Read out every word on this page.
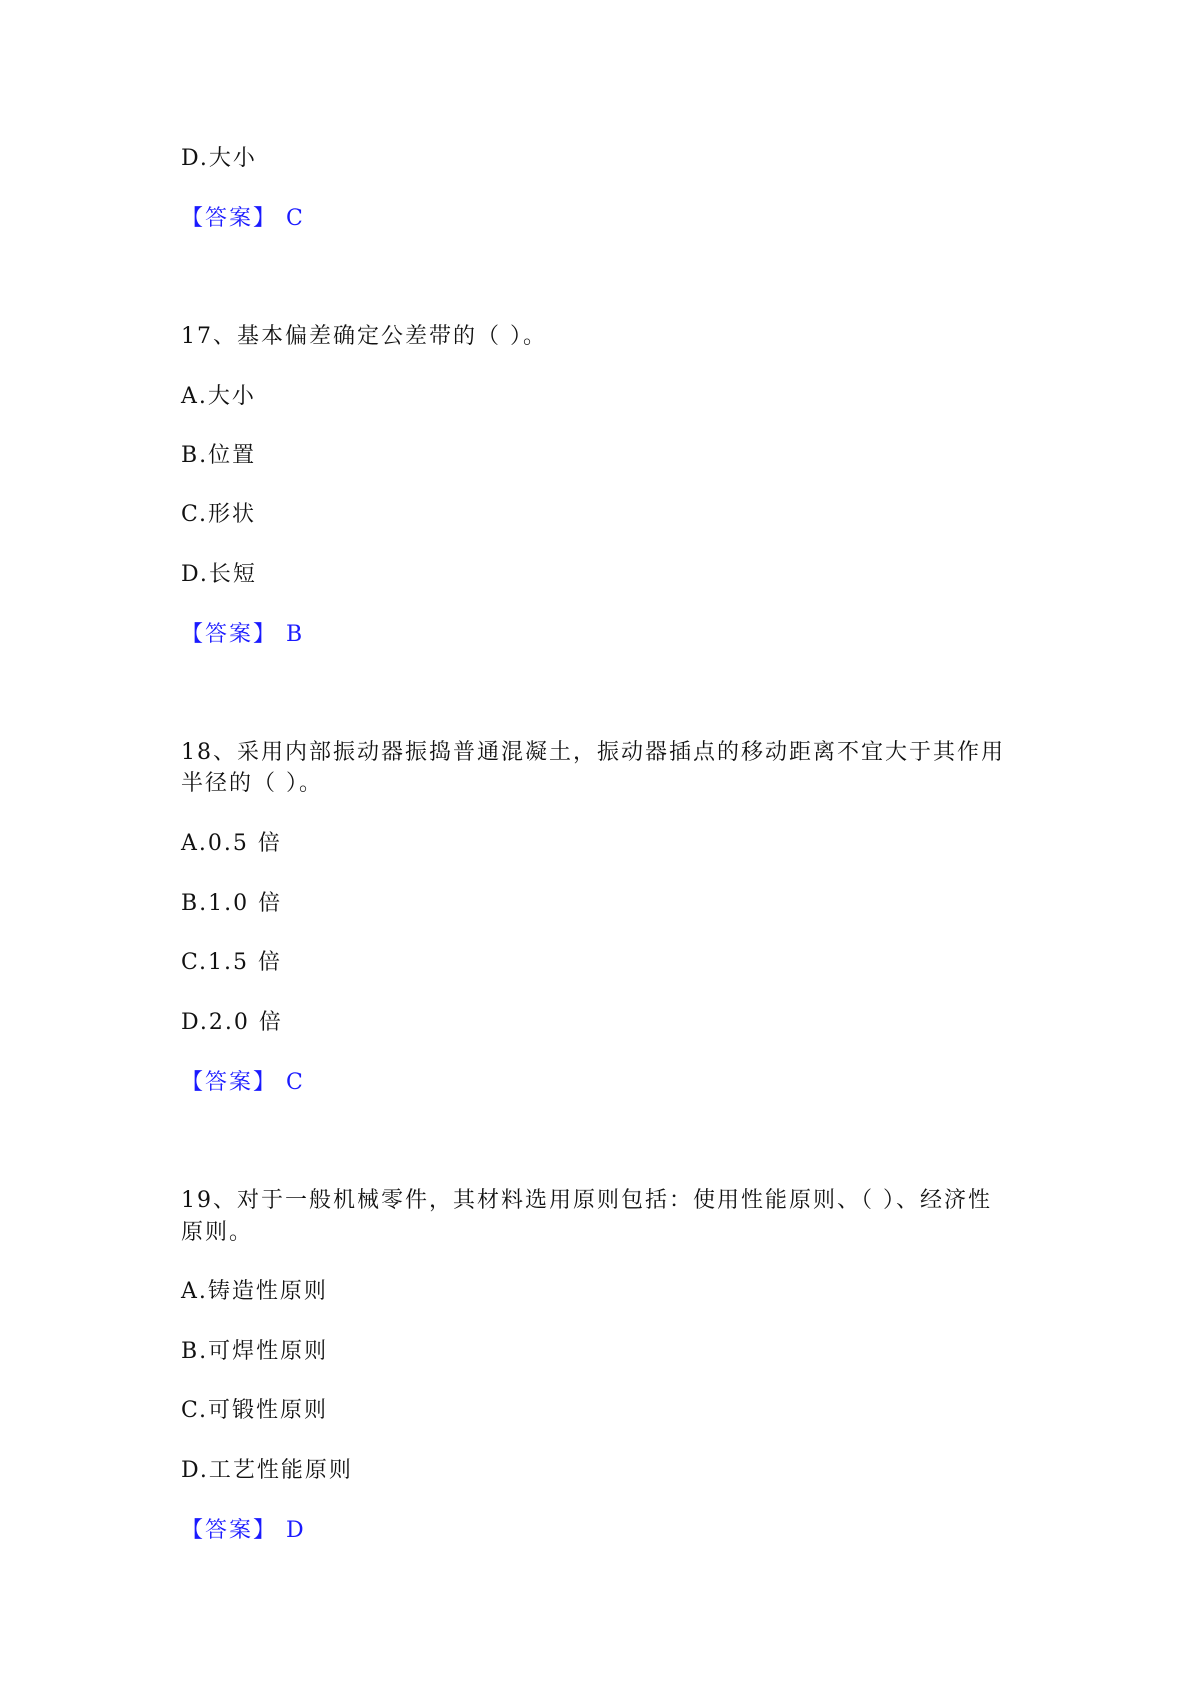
D.大小
【答案】 C
17、基本偏差确定公差带的（ ）。
A.大小
B.位置
C.形状
D.长短
【答案】 B
18、采用内部振动器振捣普通混凝土，振动器插点的移动距离不宜大于其作用
半径的（ ）。
A.0.5 倍
B.1.0 倍
C.1.5 倍
D.2.0 倍
【答案】 C
19、对于一般机械零件，其材料选用原则包括：使用性能原则、（ ）、经济性
原则。
A.铸造性原则
B.可焊性原则
C.可锻性原则
D.工艺性能原则
【答案】 D
